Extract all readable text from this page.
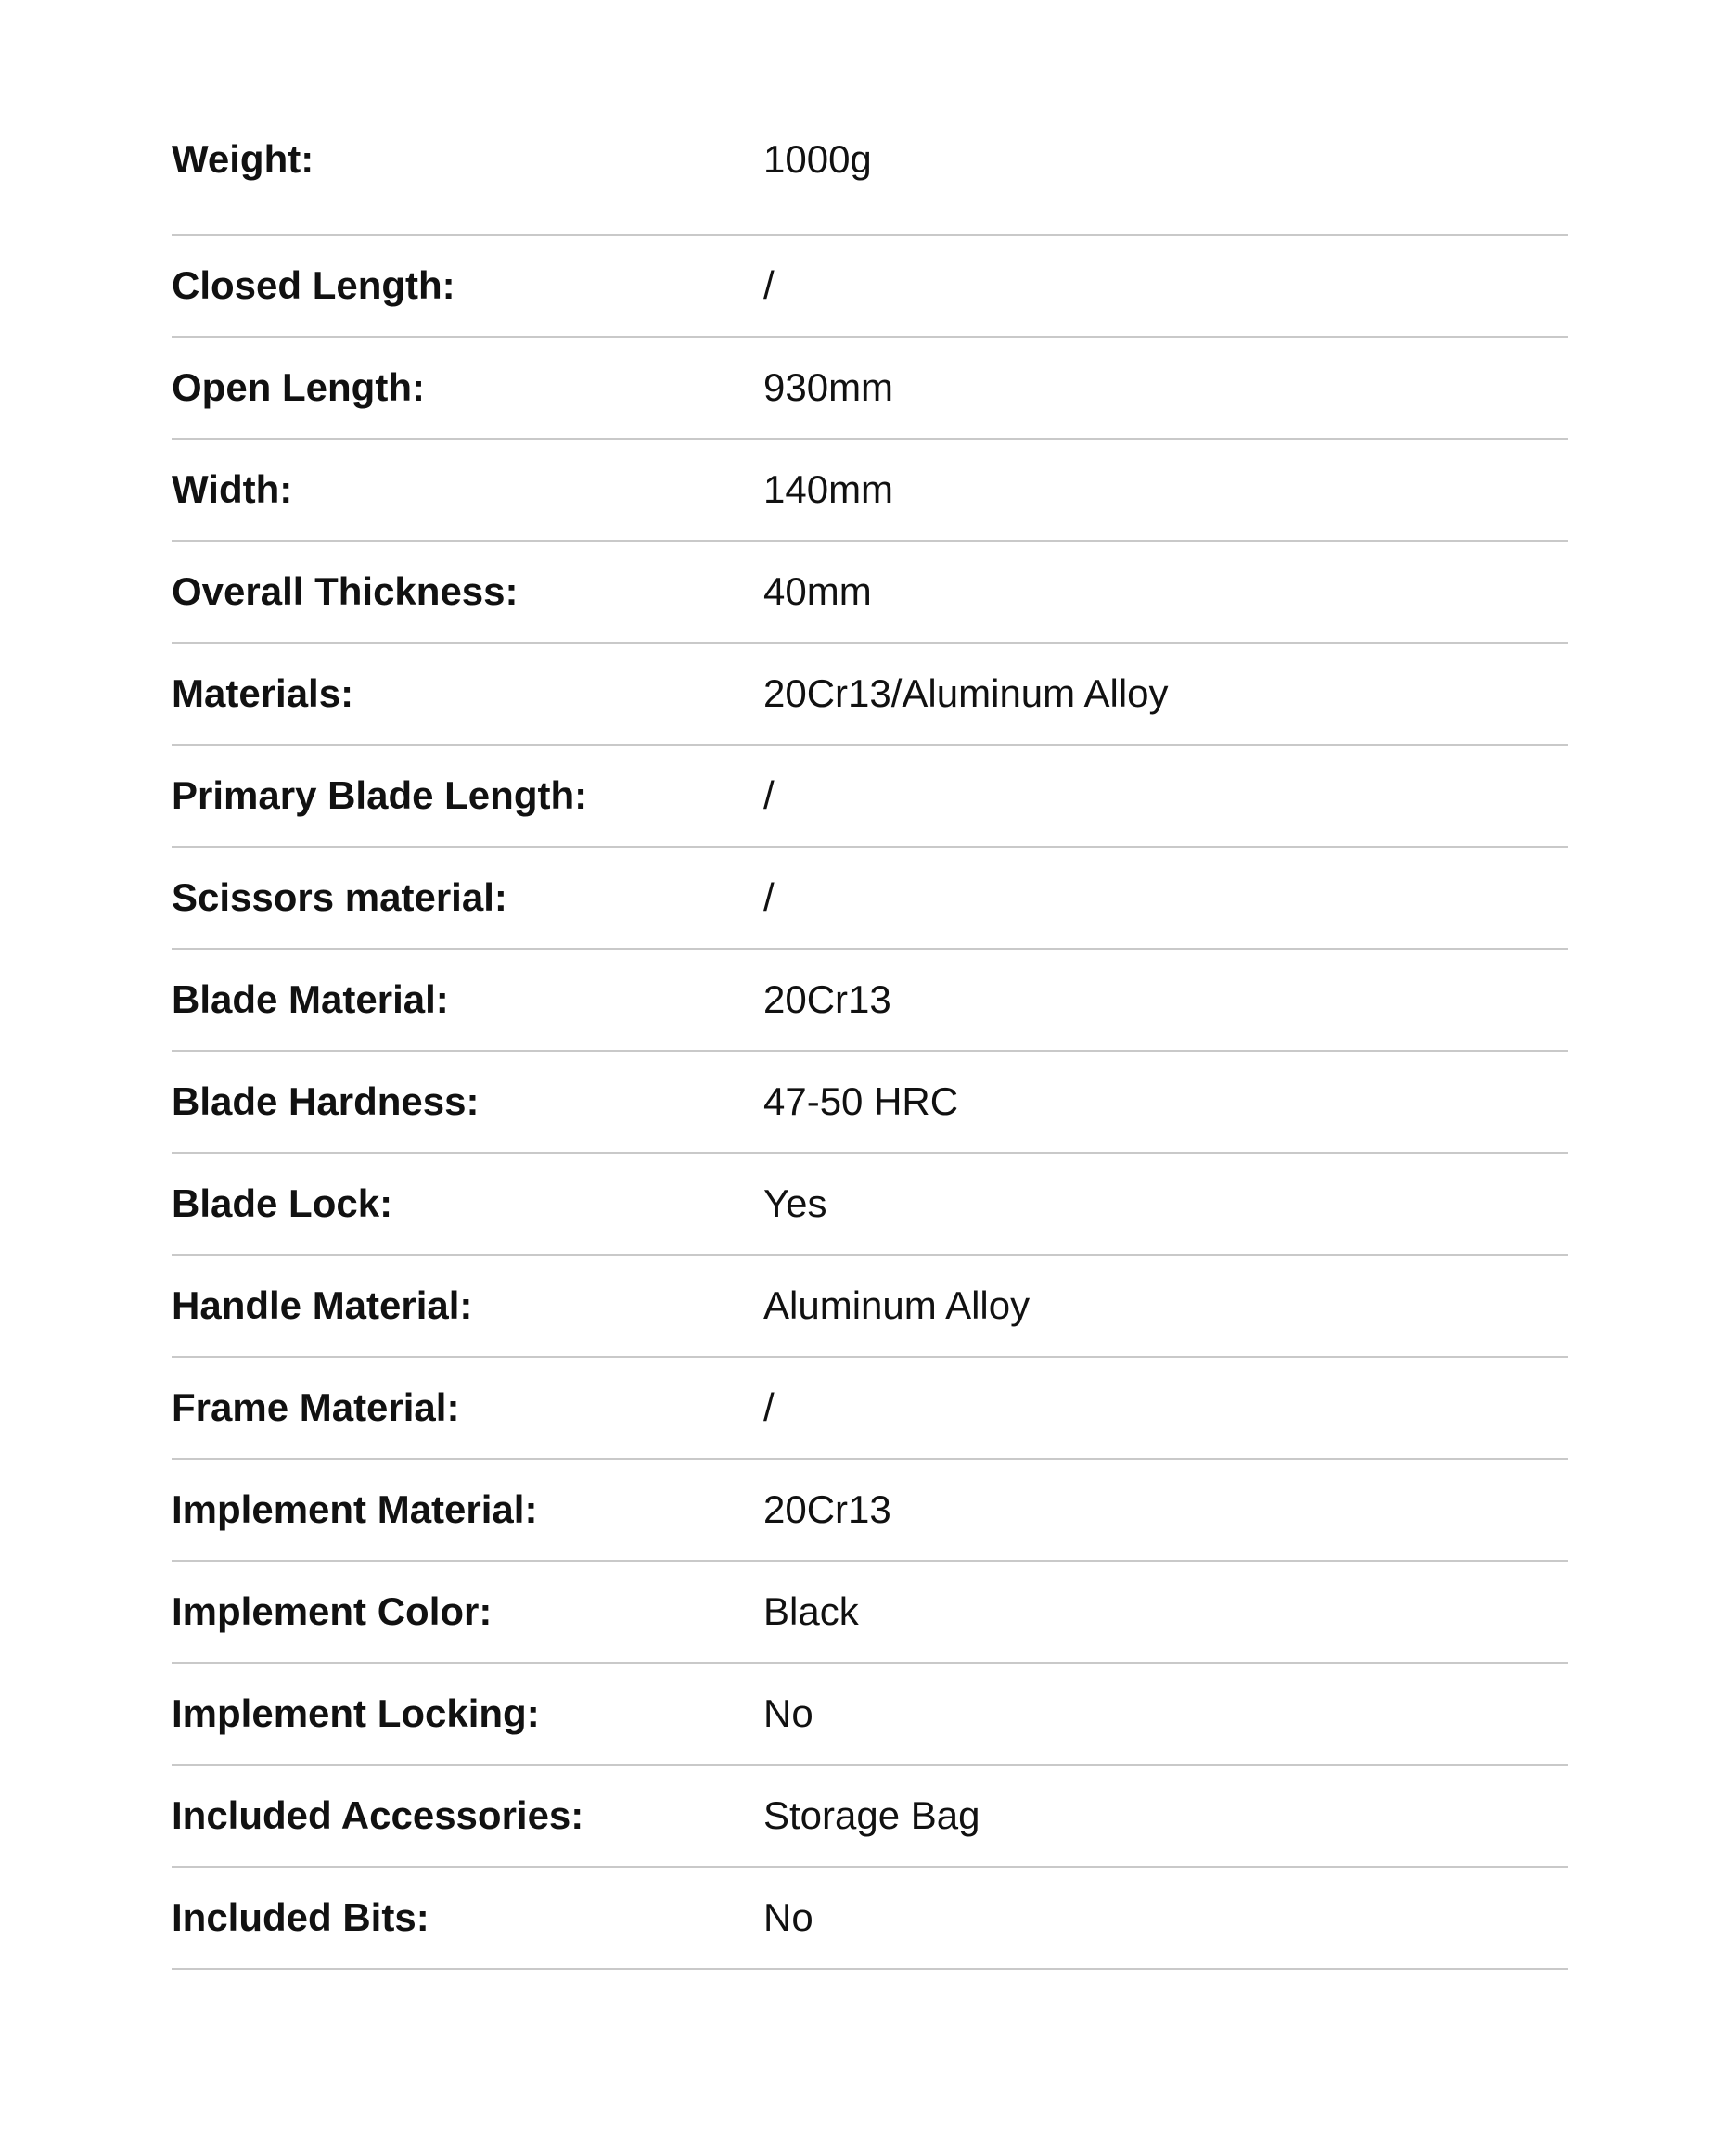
Weight:	1000g
Closed Length:	/
Open Length:	930mm
Width:	140mm
Overall Thickness:	40mm
Materials:	20Cr13/Aluminum Alloy
Primary Blade Length:	/
Scissors material:	/
Blade Material:	20Cr13
Blade Hardness:	47-50 HRC
Blade Lock:	Yes
Handle Material:	Aluminum Alloy
Frame Material:	/
Implement Material:	20Cr13
Implement Color:	Black
Implement Locking:	No
Included Accessories:	Storage Bag
Included Bits:	No
